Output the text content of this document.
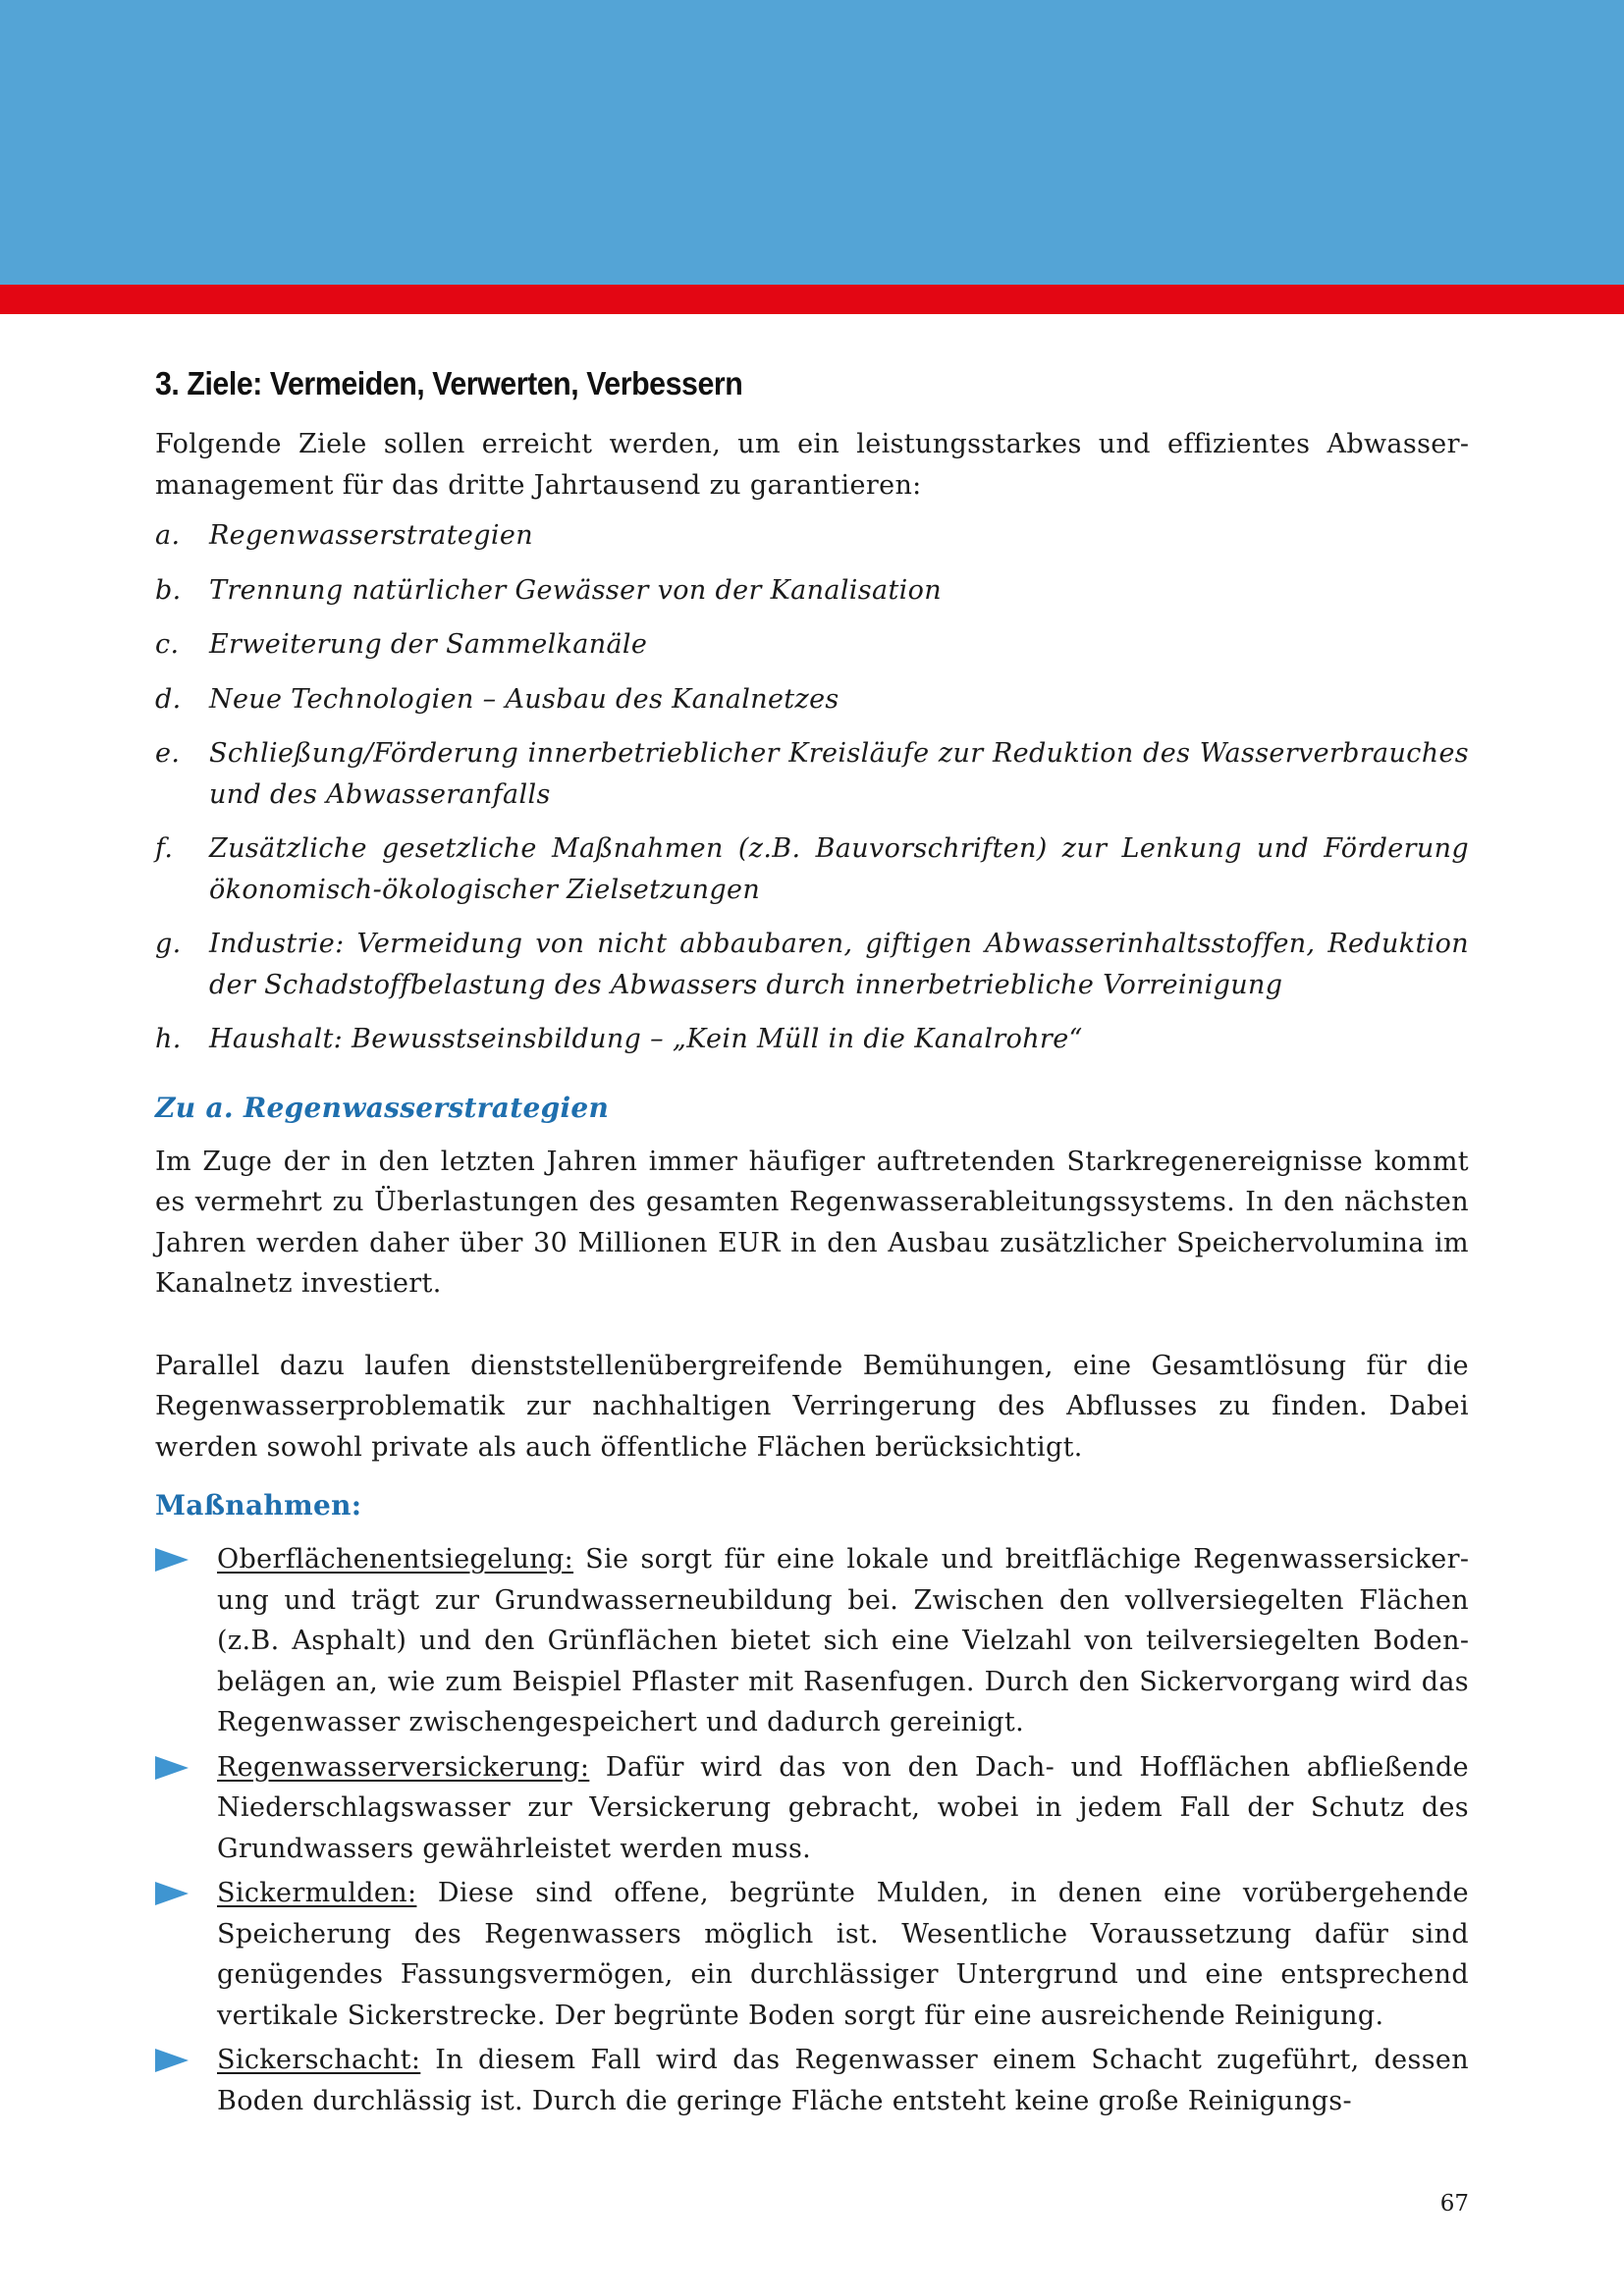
3. Ziele: Vermeiden, Verwerten, Verbessern

Folgende Ziele sollen erreicht werden, um ein leistungsstarkes und effizientes Abwassermanagement für das dritte Jahrtausend zu garantieren:

a. Regenwasserstrategien
b. Trennung natürlicher Gewässer von der Kanalisation
c. Erweiterung der Sammelkanäle
d. Neue Technologien – Ausbau des Kanalnetzes
e. Schließung/Förderung innerbetrieblicher Kreisläufe zur Reduktion des Wasserverbrauches und des Abwasseranfalls
f. Zusätzliche gesetzliche Maßnahmen (z.B. Bauvorschriften) zur Lenkung und Förderung ökonomisch-ökologischer Zielsetzungen
g. Industrie: Vermeidung von nicht abbaubaren, giftigen Abwasserinhaltsstoffen, Reduktion der Schadstoffbelastung des Abwassers durch innerbetriebliche Vorreinigung
h. Haushalt: Bewusstseinsbildung – „Kein Müll in die Kanalrohre“
Zu a. Regenwasserstrategien

Im Zuge der in den letzten Jahren immer häufiger auftretenden Starkregenereignisse kommt es vermehrt zu Überlastungen des gesamten Regenwasserableitungssystems. In den nächsten Jahren werden daher über 30 Millionen EUR in den Ausbau zusätzlicher Speichervolumina im Kanalnetz investiert.

Parallel dazu laufen dienststellenübergreifende Bemühungen, eine Gesamtlösung für die Regenwasserproblematik zur nachhaltigen Verringerung des Abflusses zu finden. Dabei werden sowohl private als auch öffentliche Flächen berücksichtigt.

Maßnahmen:
Oberflächenentsiegelung: Sie sorgt für eine lokale und breitflächige Regenwassersickerung und trägt zur Grundwasserneubildung bei. Zwischen den vollversiegelten Flächen (z.B. Asphalt) und den Grünflächen bietet sich eine Vielzahl von teilversiegelten Bodenbelägen an, wie zum Beispiel Pflaster mit Rasenfugen. Durch den Sickervorgang wird das Regenwasser zwischengespeichert und dadurch gereinigt.
Regenwasserversickerung: Dafür wird das von den Dach- und Hofflächen abfließende Niederschlagswasser zur Versickerung gebracht, wobei in jedem Fall der Schutz des Grundwassers gewährleistet werden muss.
Sickermulden: Diese sind offene, begrünte Mulden, in denen eine vorübergehende Speicherung des Regenwassers möglich ist. Wesentliche Voraussetzung dafür sind genügendes Fassungsvermögen, ein durchlässiger Untergrund und eine entsprechend vertikale Sickerstrecke. Der begrünte Boden sorgt für eine ausreichende Reinigung.
Sickerschacht: In diesem Fall wird das Regenwasser einem Schacht zugeführt, dessen Boden durchlässig ist. Durch die geringe Fläche entsteht keine große Reinigungs-
67
